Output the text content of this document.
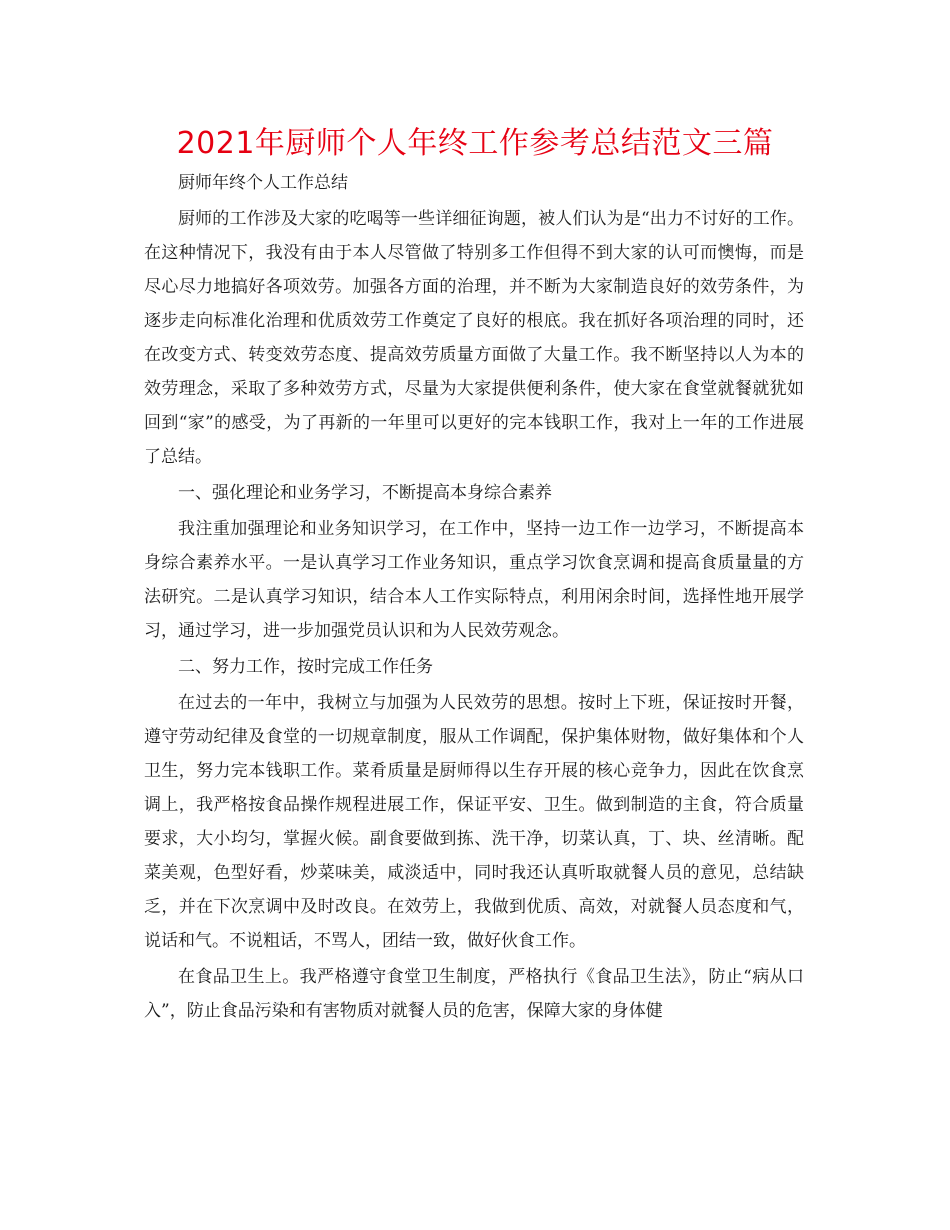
2021年厨师个人年终工作参考总结范文三篇

厨师年终个人工作总结

厨师的工作涉及大家的吃喝等一些详细征询题，被人们认为是“出力不讨好的工作。在这种情况下，我没有由于本人尽管做了特别多工作但得不到大家的认可而懊悔，而是尽心尽力地搞好各项效劳。加强各方面的治理，并不断为大家制造良好的效劳条件，为逐步走向标准化治理和优质效劳工作奠定了良好的根底。我在抓好各项治理的同时，还在改变方式、转变效劳态度、提高效劳质量方面做了大量工作。我不断坚持以人为本的效劳理念，采取了多种效劳方式，尽量为大家提供便利条件，使大家在食堂就餐就犹如回到“家”的感受，为了再新的一年里可以更好的完本钱职工作，我对上一年的工作进展了总结。

一、强化理论和业务学习，不断提高本身综合素养

我注重加强理论和业务知识学习，在工作中，坚持一边工作一边学习，不断提高本身综合素养水平。一是认真学习工作业务知识，重点学习饮食烹调和提高食质量量的方法研究。二是认真学习知识，结合本人工作实际特点，利用闲余时间，选择性地开展学习，通过学习，进一步加强党员认识和为人民效劳观念。

二、努力工作，按时完成工作任务

在过去的一年中，我树立与加强为人民效劳的思想。按时上下班，保证按时开餐，遵守劳动纪律及食堂的一切规章制度，服从工作调配，保护集体财物，做好集体和个人卫生，努力完本钱职工作。菜肴质量是厨师得以生存开展的核心竞争力，因此在饮食烹调上，我严格按食品操作规程进展工作，保证平安、卫生。做到制造的主食，符合质量要求，大小均匀，掌握火候。副食要做到拣、洗干净，切菜认真，丁、块、丝清晰。配菜美观，色型好看，炒菜味美，咸淡适中，同时我还认真听取就餐人员的意见，总结缺乏，并在下次烹调中及时改良。在效劳上，我做到优质、高效，对就餐人员态度和气，说话和气。不说粗话，不骂人，团结一致，做好伙食工作。

在食品卫生上。我严格遵守食堂卫生制度，严格执行《食品卫生法》，防止“病从口入”，防止食品污染和有害物质对就餐人员的危害，保障大家的身体健
